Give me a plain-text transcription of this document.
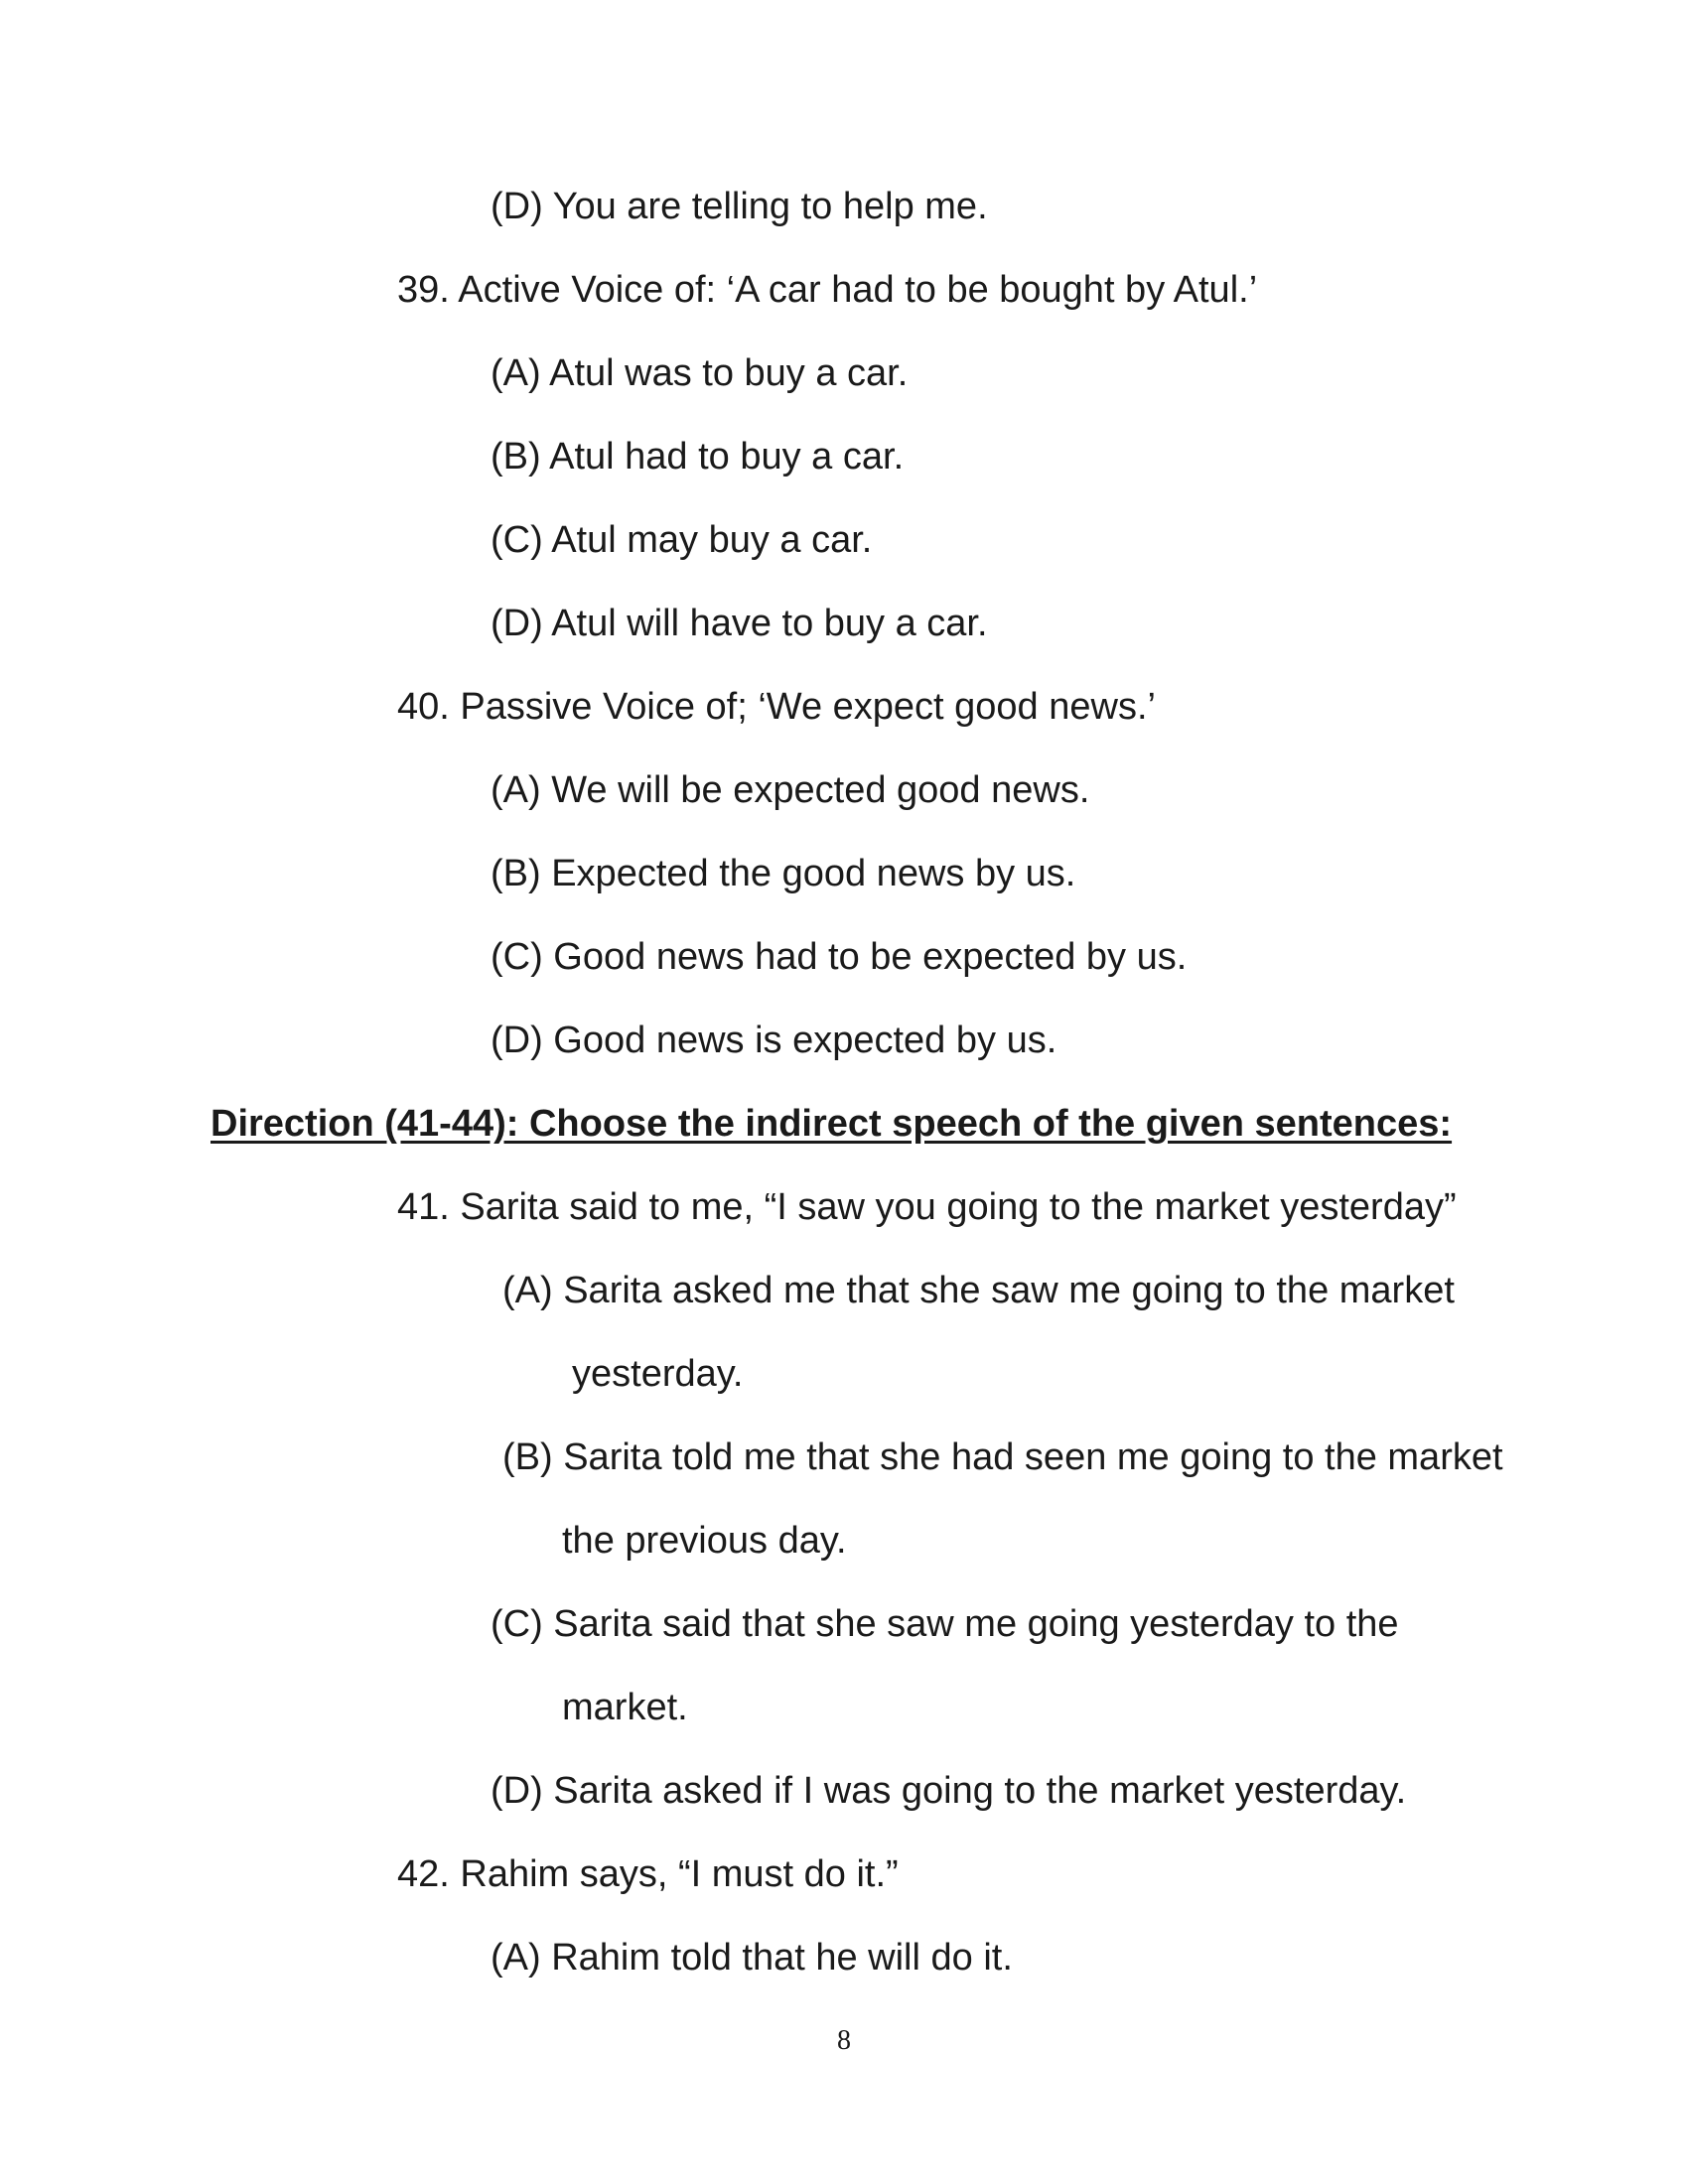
(D) You are telling to help me.
39. Active Voice of: ‘A car had to be bought by Atul.’
(A) Atul was to buy a car.
(B) Atul had to buy a car.
(C) Atul may buy a car.
(D) Atul will have to buy a car.
40. Passive Voice of; ‘We expect good news.’
(A) We will be expected good news.
(B) Expected the good news by us.
(C) Good news had to be expected by us.
(D) Good news is expected by us.
Direction (41-44): Choose the indirect speech of the given sentences:
41. Sarita said to me, “I saw you going to the market yesterday”
(A) Sarita asked me that she saw me going to the market
yesterday.
(B) Sarita told me that she had seen me going to the market
the previous day.
(C) Sarita said that she saw me going yesterday to the
market.
(D) Sarita asked if I was going to the market yesterday.
42. Rahim says, “I must do it.”
(A) Rahim told that he will do it.
8
